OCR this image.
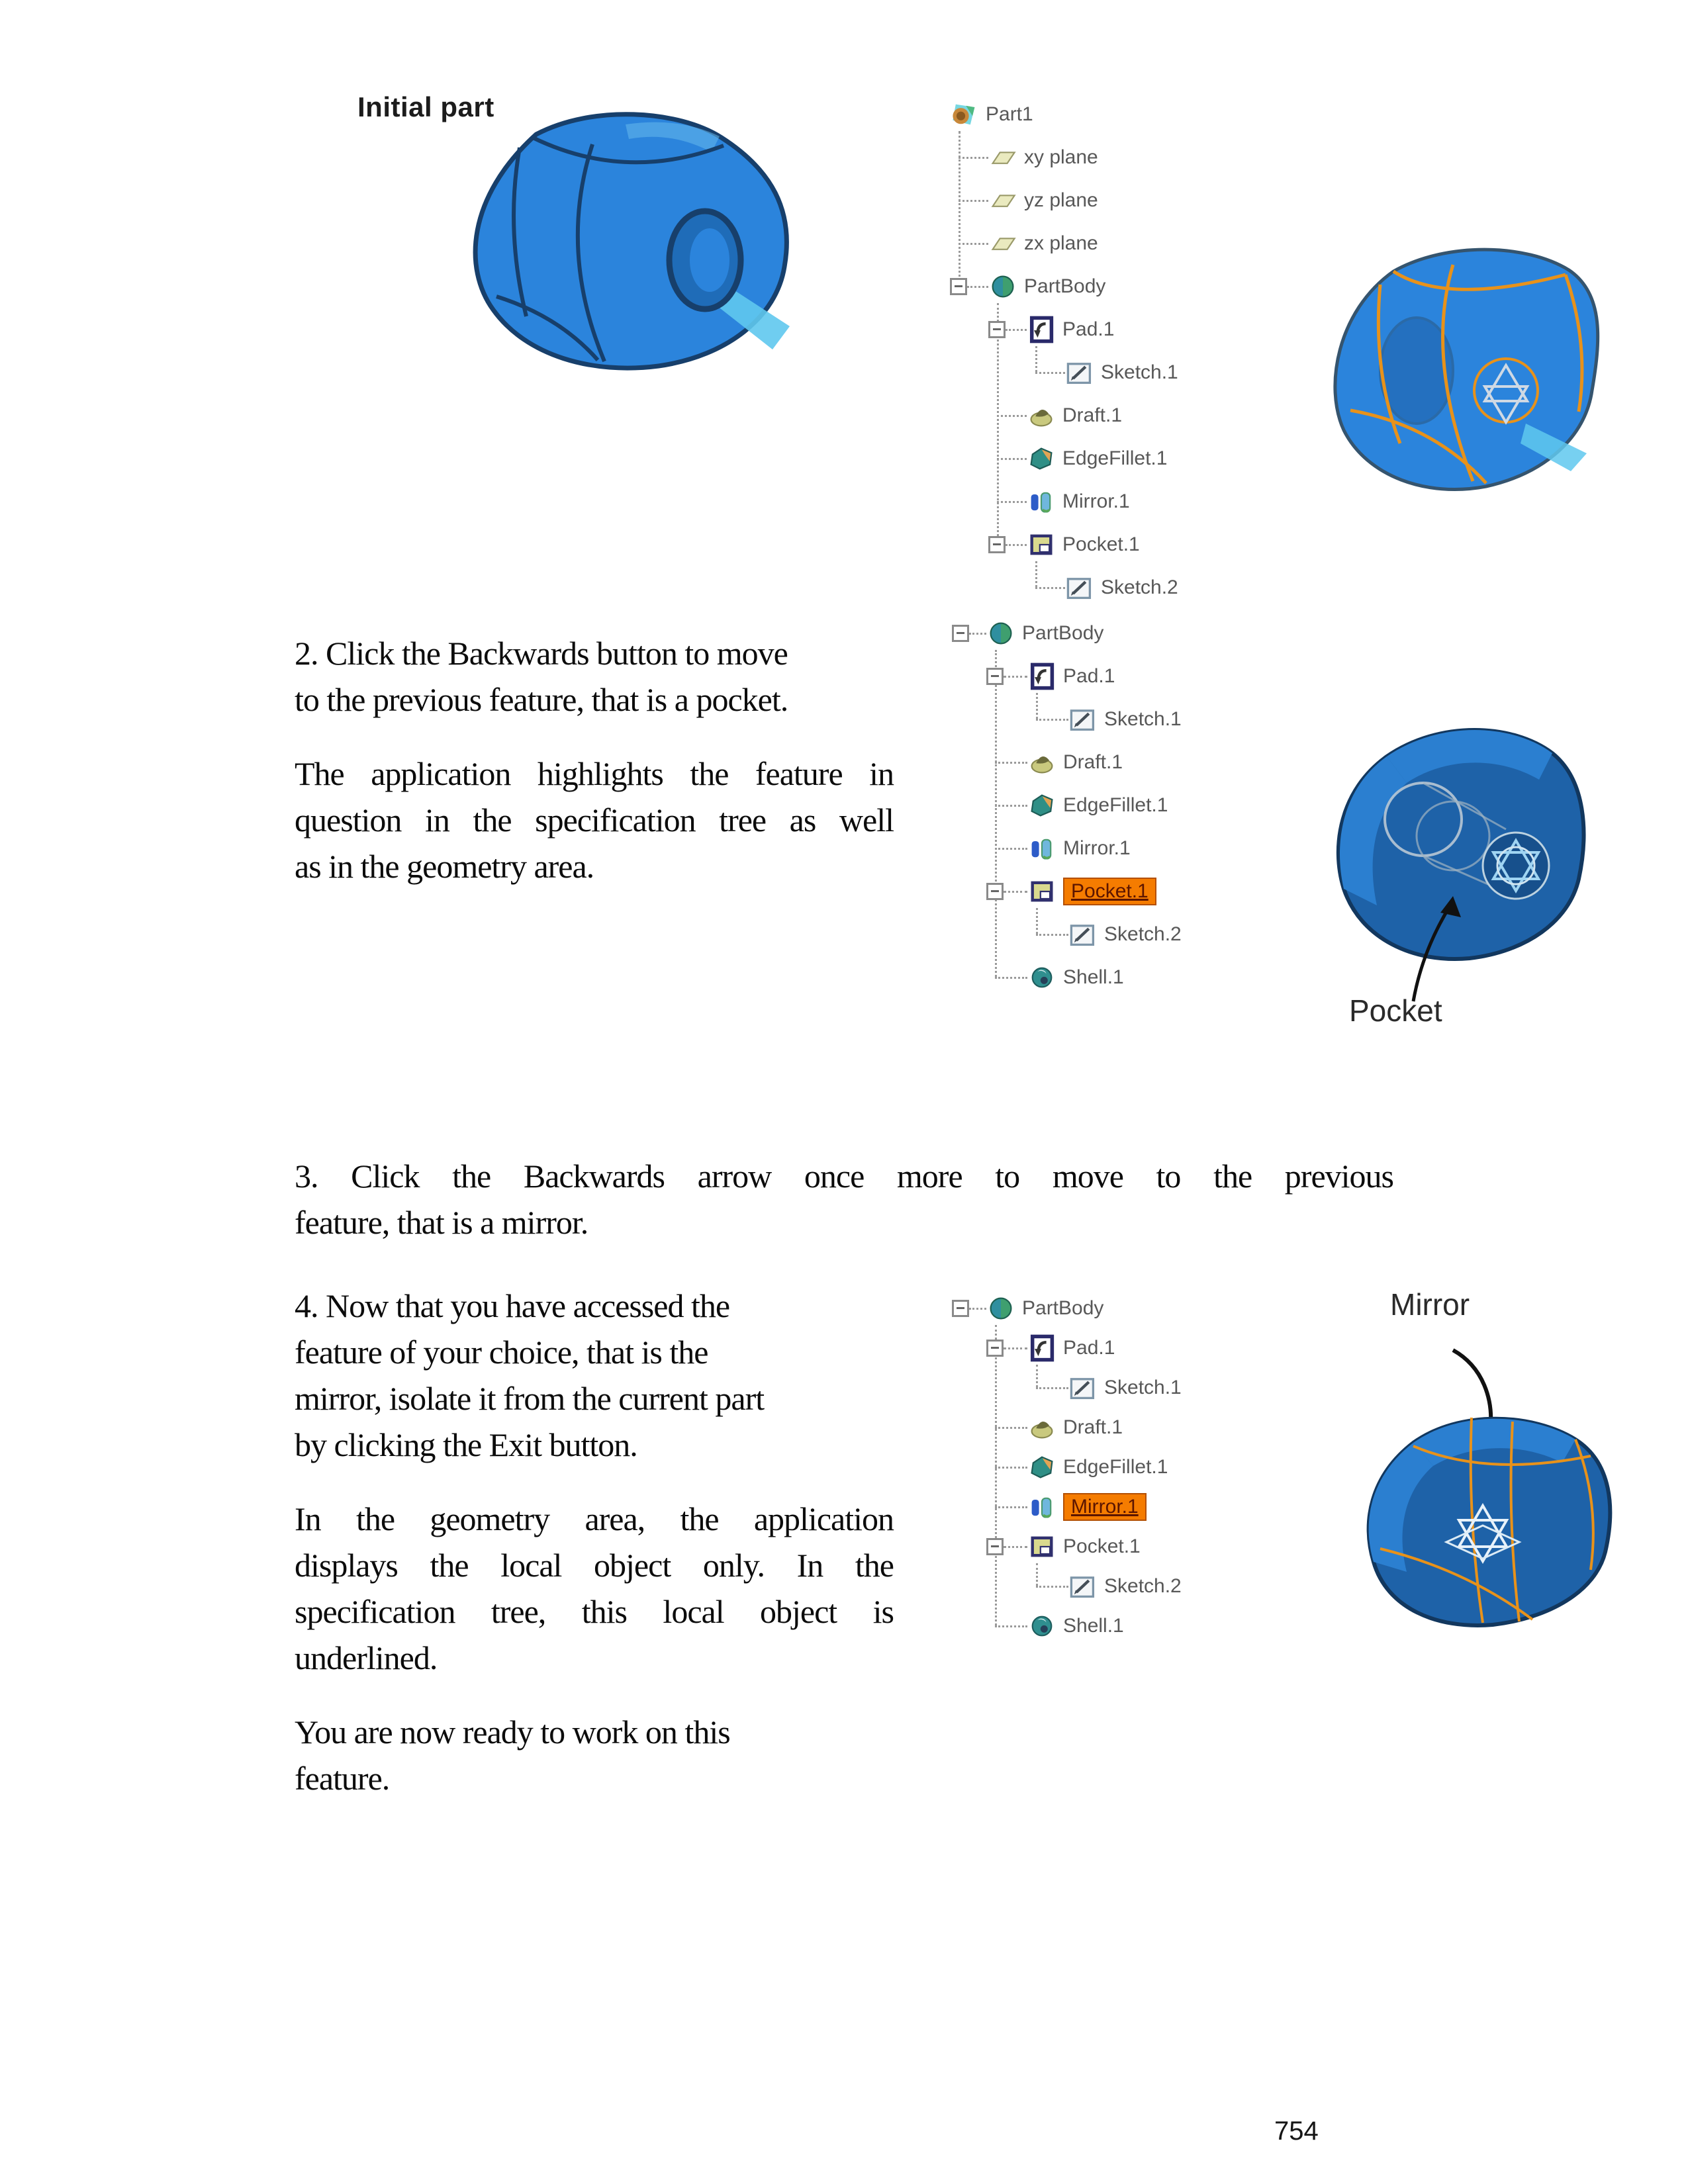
Initial part
2. Click the Backwards button to move
to the previous feature, that is a pocket.
The application highlights the feature in
question in the specification tree as well
as in the geometry area.
Pocket
3. Click the Backwards arrow once more to move to the previous
feature, that is a mirror.
4. Now that you have accessed the
feature of your choice, that is the
mirror, isolate it from the current part
by clicking the Exit button.
In the geometry area, the application
displays the local object only. In the
specification tree, this local object is
underlined.
You are now ready to work on this
feature.
Mirror
Part1
xy plane
yz plane
zx plane
PartBody
Pad.1
Sketch.1
Draft.1
EdgeFillet.1
Mirror.1
Pocket.1
Sketch.2
PartBody
Pad.1
Sketch.1
Draft.1
EdgeFillet.1
Mirror.1
Pocket.1
Sketch.2
Shell.1
PartBody
Pad.1
Sketch.1
Draft.1
EdgeFillet.1
Mirror.1
Pocket.1
Sketch.2
Shell.1
754
